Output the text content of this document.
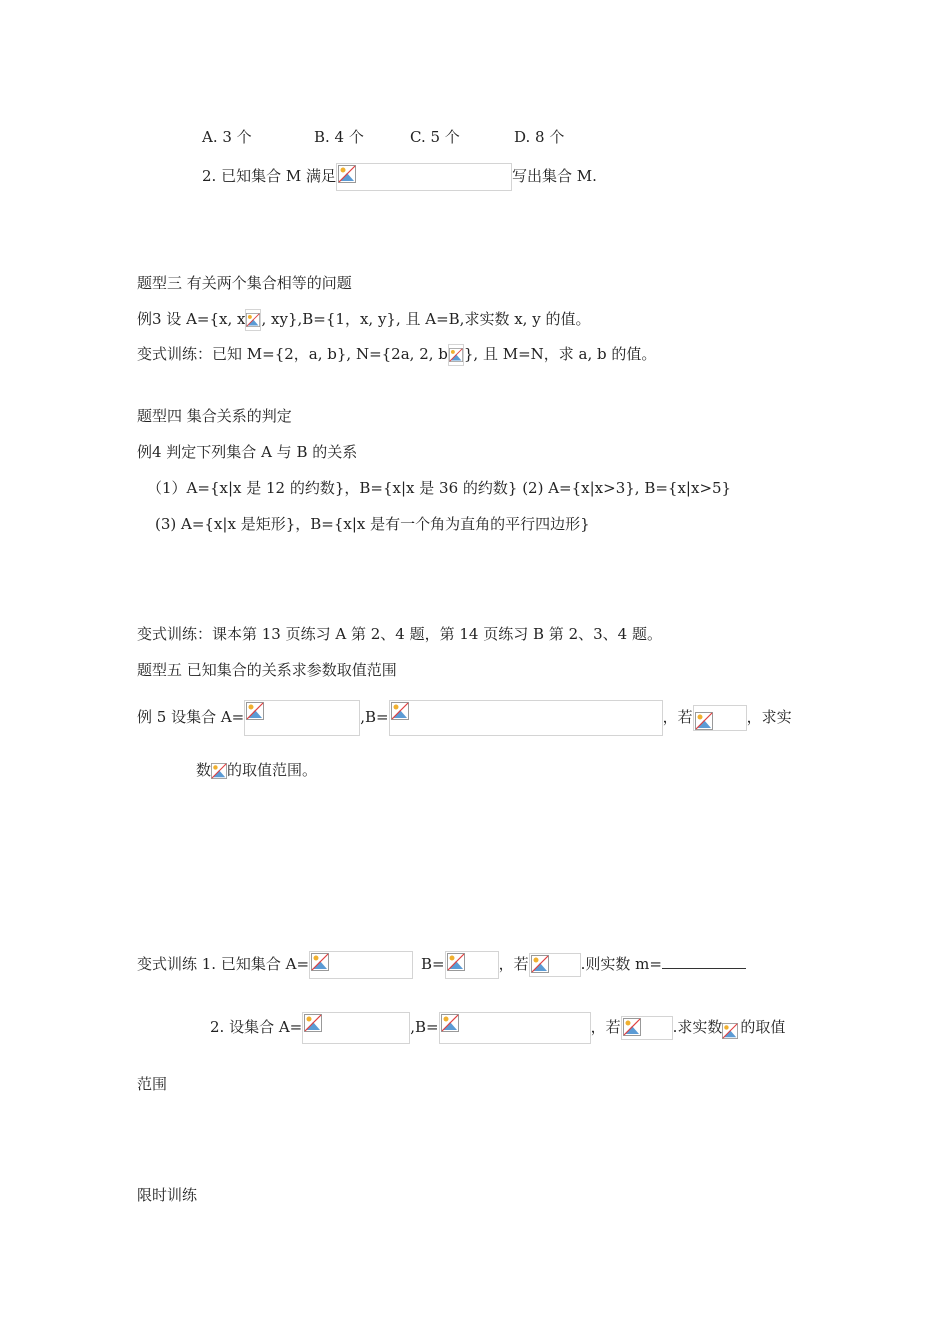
A. 3 个	B. 4 个	C. 5 个	D. 8 个
2. 已知集合 M 满足	写出集合 M.
题型三 有关两个集合相等的问题
例3 设 A={x, x , xy},B={1，x, y}, 且 A=B,求实数 x, y 的值。
变式训练：已知 M={2，a, b}, N={2a, 2, b }, 且 M=N，求 a, b 的值。
题型四 集合关系的判定
例4 判定下列集合 A 与 B 的关系
（1）A={x|x 是 12 的约数}，B={x|x 是 36 的约数} (2) A={x|x>3}, B={x|x>5}
(3) A={x|x 是矩形}，B={x|x 是有一个角为直角的平行四边形}
变式训练：课本第 13 页练习 A 第 2、4 题，第 14 页练习 B 第 2、3、4 题。
题型五 已知集合的关系求参数取值范围
例 5 设集合 A=	,B=	，若	，求实
数 的取值范围。
变式训练 1. 已知集合 A=	B=	，若	.则实数 m=
2. 设集合 A=	,B=	，若	.求实数 的取值
范围
限时训练
